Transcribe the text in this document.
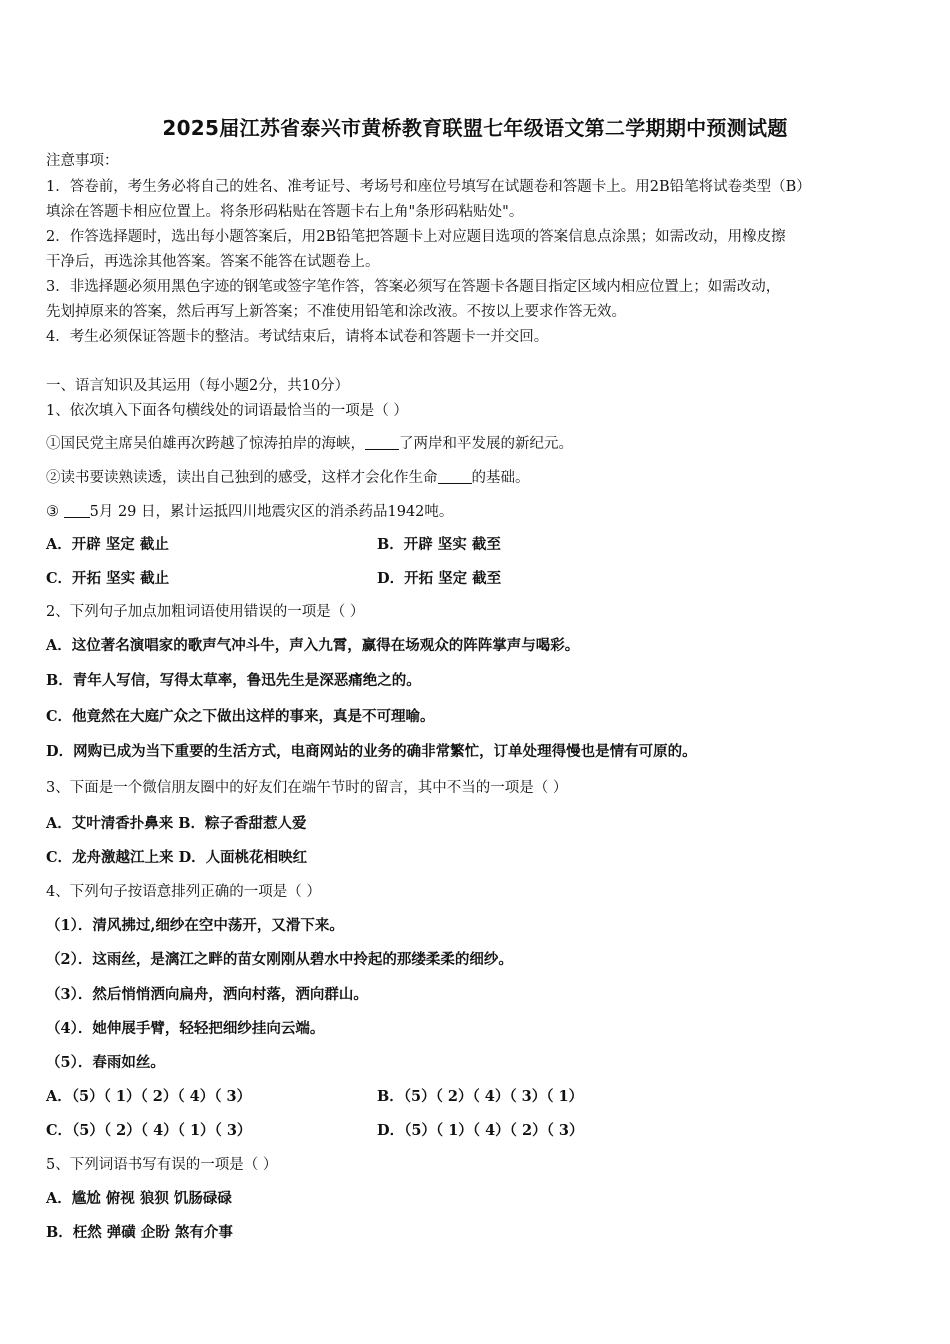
2025届江苏省泰兴市黄桥教育联盟七年级语文第二学期期中预测试题
注意事项：
1．答卷前，考生务必将自己的姓名、准考证号、考场号和座位号填写在试题卷和答题卡上。用2B铅笔将试卷类型（B）
填涂在答题卡相应位置上。将条形码粘贴在答题卡右上角"条形码粘贴处"。
2．作答选择题时，选出每小题答案后，用2B铅笔把答题卡上对应题目选项的答案信息点涂黑；如需改动，用橡皮擦
干净后，再选涂其他答案。答案不能答在试题卷上。
3．非选择题必须用黑色字迹的钢笔或签字笔作答，答案必须写在答题卡各题目指定区域内相应位置上；如需改动，
先划掉原来的答案，然后再写上新答案；不准使用铅笔和涂改液。不按以上要求作答无效。
4．考生必须保证答题卡的整洁。考试结束后，请将本试卷和答题卡一并交回。
一、语言知识及其运用（每小题2分，共10分）
1、依次填入下面各句横线处的词语最恰当的一项是（ ）
①国民党主席吴伯雄再次跨越了惊涛拍岸的海峡， 了两岸和平发展的新纪元。
②读书要读熟读透，读出自己独到的感受，这样才会化作生命 的基础。
③ 5月 29 日，累计运抵四川地震灾区的消杀药品1942吨。
A．开辟 坚定 截止	B．开辟 坚实 截至
C．开拓 坚实 截止	D．开拓 坚定 截至
2、下列句子加点加粗词语使用错误的一项是（ ）
A．这位著名演唱家的歌声气冲斗牛，声入九霄，赢得在场观众的阵阵掌声与喝彩。
B．青年人写信，写得太草率，鲁迅先生是深恶痛绝之的。
C．他竟然在大庭广众之下做出这样的事来，真是不可理喻。
D．网购已成为当下重要的生活方式，电商网站的业务的确非常繁忙，订单处理得慢也是情有可原的。
3、下面是一个微信朋友圈中的好友们在端午节时的留言，其中不当的一项是（ ）
A．艾叶清香扑鼻来 B．粽子香甜惹人爱
C．龙舟激越江上来 D．人面桃花相映红
4、下列句子按语意排列正确的一项是（ ）
（1）．清风拂过,细纱在空中荡开，又滑下来。
（2）．这雨丝，是漓江之畔的苗女刚刚从碧水中拎起的那缕柔柔的细纱。
（3）．然后悄悄洒向扁舟，洒向村落，洒向群山。
（4）．她伸展手臂，轻轻把细纱挂向云端。
（5）．春雨如丝。
A．（5）（ 1）（ 2）（ 4）（ 3）	B．（5）（ 2）（ 4）（ 3）（ 1）
C．（5）（ 2）（ 4）（ 1）（ 3）	D．（5）（ 1）（ 4）（ 2）（ 3）
5、下列词语书写有误的一项是（ ）
A．尴尬 俯视 狼狈 饥肠碌碌
B．枉然 弹磺 企盼 煞有介事
